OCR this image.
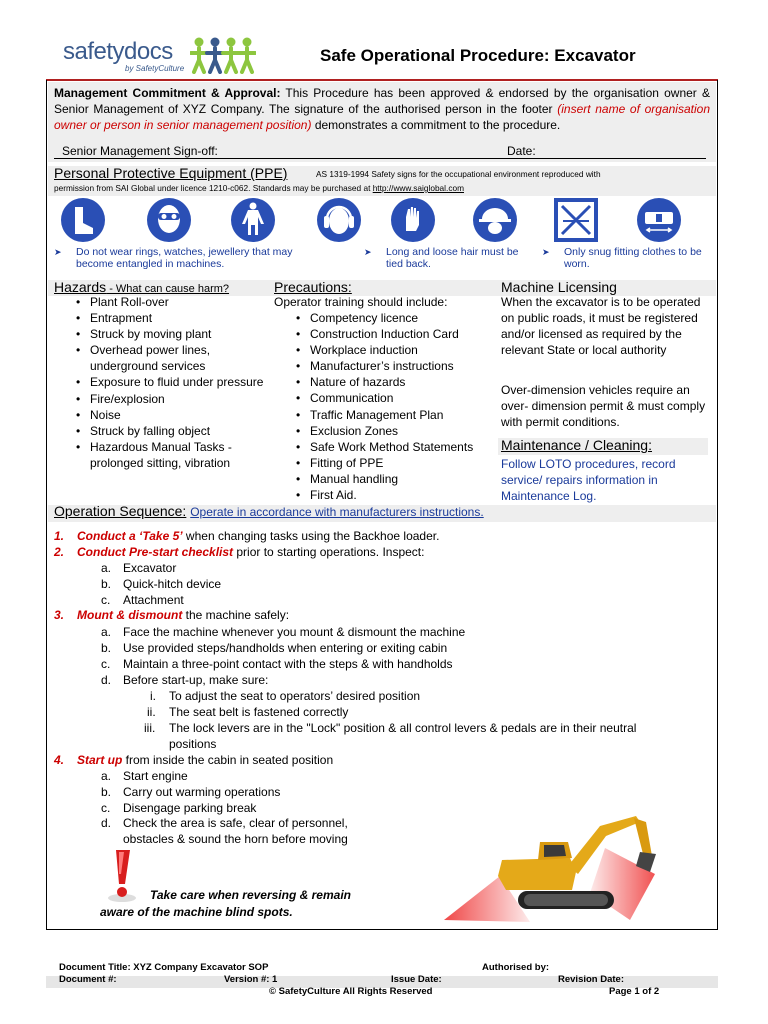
safetydocs
by SafetyCulture
Safe Operational Procedure: Excavator
Management Commitment & Approval: This Procedure has been approved & endorsed by the organisation owner & Senior Management of XYZ Company. The signature of the authorised person in the footer (insert name of organisation owner or person in senior management position) demonstrates a commitment to the procedure.
Senior Management Sign-off:	Date:
Personal Protective Equipment (PPE)	AS 1319-1994 Safety signs for the occupational environment reproduced with
permission from SAI Global under licence 1210-c062. Standards may be purchased at http://www.saiglobal.com
➤ Do not wear rings, watches, jewellery that may become entangled in machines.
➤ Long and loose hair must be tied back.
➤ Only snug fitting clothes to be worn.
Hazards - What can cause harm?	Precautions:	Machine Licensing
• Plant Roll-over
• Entrapment
• Struck by moving plant
• Overhead power lines, underground services
• Exposure to fluid under pressure
• Fire/explosion
• Noise
• Struck by falling object
• Hazardous Manual Tasks - prolonged sitting, vibration
Operator training should include:
• Competency licence
• Construction Induction Card
• Workplace induction
• Manufacturer’s instructions
• Nature of hazards
• Communication
• Traffic Management Plan
• Exclusion Zones
• Safe Work Method Statements
• Fitting of PPE
• Manual handling
• First Aid.
When the excavator is to be operated on public roads, it must be registered and/or licensed as required by the relevant State or local authority
Over-dimension vehicles require an over- dimension permit & must comply with permit conditions.
Maintenance / Cleaning:
Follow LOTO procedures, record service/ repairs information in Maintenance Log.
Operation Sequence: Operate in accordance with manufacturers instructions.
1. Conduct a ‘Take 5’ when changing tasks using the Backhoe loader.
2. Conduct Pre-start checklist prior to starting operations. Inspect:
a. Excavator
b. Quick-hitch device
c. Attachment
3. Mount & dismount the machine safely:
a. Face the machine whenever you mount & dismount the machine
b. Use provided steps/handholds when entering or exiting cabin
c. Maintain a three-point contact with the steps & with handholds
d. Before start-up, make sure:
i. To adjust the seat to operators’ desired position
ii. The seat belt is fastened correctly
iii. The lock levers are in the "Lock" position & all control levers & pedals are in their neutral
positions
4. Start up from inside the cabin in seated position
a. Start engine
b. Carry out warming operations
c. Disengage parking break
d. Check the area is safe, clear of personnel,
obstacles & sound the horn before moving
Take care when reversing & remain
aware of the machine blind spots.
Document Title: XYZ Company Excavator SOP	Authorised by:
Document #:	Version #: 1	Issue Date:	Revision Date:
© SafetyCulture All Rights Reserved	Page 1 of 2
